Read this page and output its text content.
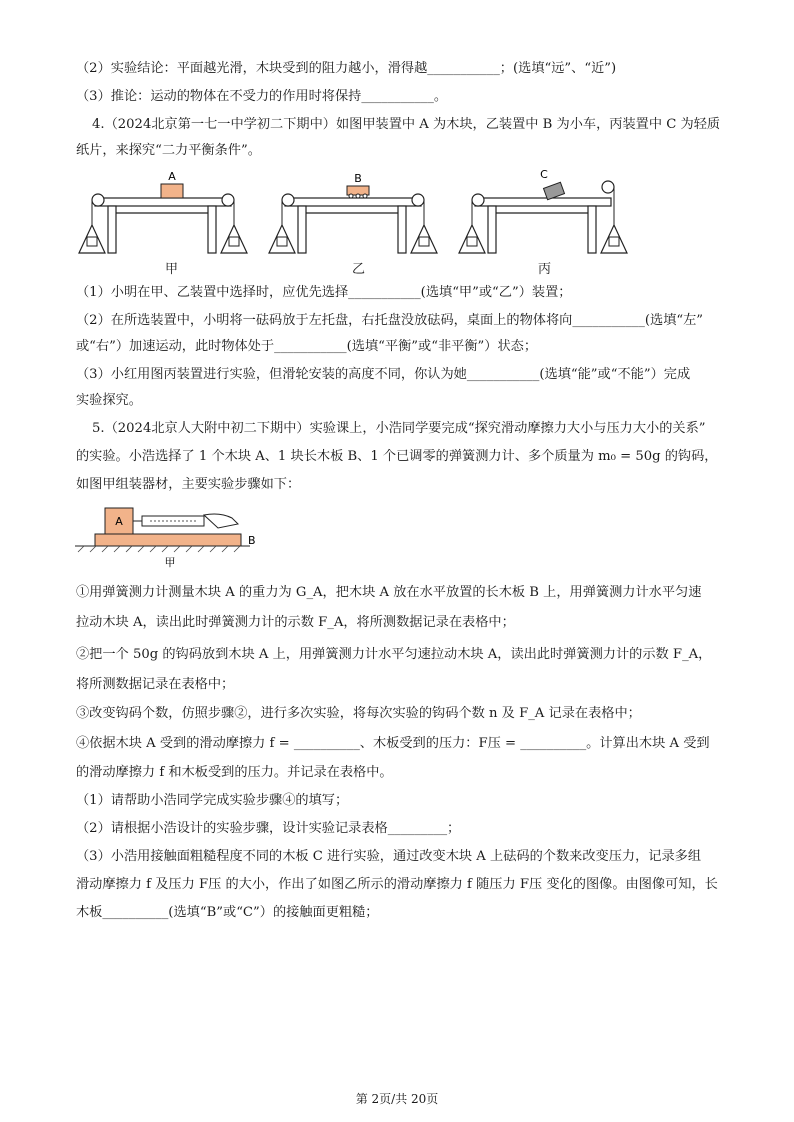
（2）实验结论：平面越光滑，木块受到的阻力越小，滑得越___________；(选填“远”、“近”)
（3）推论：运动的物体在不受力的作用时将保持___________。
4.（2024北京第一七一中学初二下期中）如图甲装置中 A 为木块，乙装置中 B 为小车，丙装置中 C 为轻质
纸片，来探究“二力平衡条件”。
A	B	C
甲	乙	丙
（1）小明在甲、乙装置中选择时，应优先选择___________(选填“甲”或“乙”）装置；
（2）在所选装置中，小明将一砝码放于左托盘，右托盘没放砝码，桌面上的物体将向___________(选填“左”
或“右”）加速运动，此时物体处于___________(选填“平衡”或“非平衡”）状态；
（3）小红用图丙装置进行实验，但滑轮安装的高度不同，你认为她___________(选填“能”或“不能”）完成
实验探究。
5.（2024北京人大附中初二下期中）实验课上，小浩同学要完成“探究滑动摩擦力大小与压力大小的关系”
的实验。小浩选择了 1 个木块 A、1 块长木板 B、1 个已调零的弹簧测力计、多个质量为 m₀ = 50g 的钩码，
如图甲组装器材，主要实验步骤如下：
A
B
甲
①用弹簧测力计测量木块 A 的重力为 G_A，把木块 A 放在水平放置的长木板 B 上，用弹簧测力计水平匀速
拉动木块 A，读出此时弹簧测力计的示数 F_A，将所测数据记录在表格中；
②把一个 50g 的钩码放到木块 A 上，用弹簧测力计水平匀速拉动木块 A，读出此时弹簧测力计的示数 F_A，
将所测数据记录在表格中；
③改变钩码个数，仿照步骤②，进行多次实验，将每次实验的钩码个数 n 及 F_A 记录在表格中；
④依据木块 A 受到的滑动摩擦力 f = __________、木板受到的压力：F压 = __________。计算出木块 A 受到
的滑动摩擦力 f 和木板受到的压力。并记录在表格中。
（1）请帮助小浩同学完成实验步骤④的填写；
（2）请根据小浩设计的实验步骤，设计实验记录表格_________；
（3）小浩用接触面粗糙程度不同的木板 C 进行实验，通过改变木块 A 上砝码的个数来改变压力，记录多组
滑动摩擦力 f 及压力 F压 的大小，作出了如图乙所示的滑动摩擦力 f 随压力 F压 变化的图像。由图像可知，长
木板__________(选填“B”或“C”）的接触面更粗糙；
第 2页/共 20页
